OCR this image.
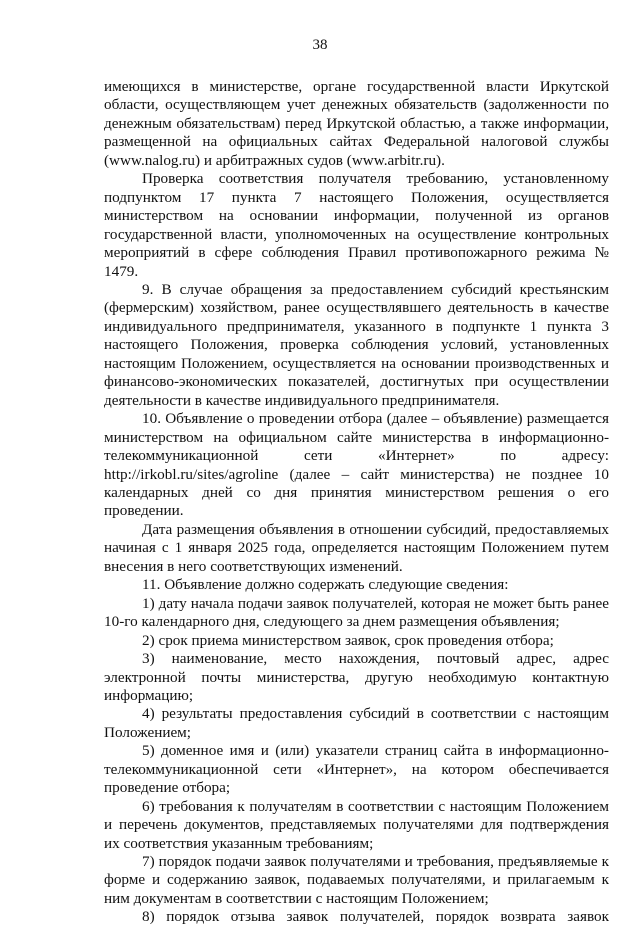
38

имеющихся в министерстве, органе государственной власти Иркутской области, осуществляющем учет денежных обязательств (задолженности по денежным обязательствам) перед Иркутской областью, а также информации, размещенной на официальных сайтах Федеральной налоговой службы (www.nalog.ru) и арбитражных судов (www.arbitr.ru).

Проверка соответствия получателя требованию, установленному подпунктом 17 пункта 7 настоящего Положения, осуществляется министерством на основании информации, полученной из органов государственной власти, уполномоченных на осуществление контрольных мероприятий в сфере соблюдения Правил противопожарного режима № 1479.

9. В случае обращения за предоставлением субсидий крестьянским (фермерским) хозяйством, ранее осуществлявшего деятельность в качестве индивидуального предпринимателя, указанного в подпункте 1 пункта 3 настоящего Положения, проверка соблюдения условий, установленных настоящим Положением, осуществляется на основании производственных и финансово-экономических показателей, достигнутых при осуществлении деятельности в качестве индивидуального предпринимателя.

10. Объявление о проведении отбора (далее – объявление) размещается министерством на официальном сайте министерства в информационно-телекоммуникационной сети «Интернет» по адресу: http://irkobl.ru/sites/agroline (далее – сайт министерства) не позднее 10 календарных дней со дня принятия министерством решения о его проведении.

Дата размещения объявления в отношении субсидий, предоставляемых начиная с 1 января 2025 года, определяется настоящим Положением путем внесения в него соответствующих изменений.

11. Объявление должно содержать следующие сведения:

1) дату начала подачи заявок получателей, которая не может быть ранее 10-го календарного дня, следующего за днем размещения объявления;

2) срок приема министерством заявок, срок проведения отбора;

3) наименование, место нахождения, почтовый адрес, адрес электронной почты министерства, другую необходимую контактную информацию;

4) результаты предоставления субсидий в соответствии с настоящим Положением;

5) доменное имя и (или) указатели страниц сайта в информационно-телекоммуникационной сети «Интернет», на котором обеспечивается проведение отбора;

6) требования к получателям в соответствии с настоящим Положением и перечень документов, представляемых получателями для подтверждения их соответствия указанным требованиям;

7) порядок подачи заявок получателями и требования, предъявляемые к форме и содержанию заявок, подаваемых получателями, и прилагаемым к ним документам в соответствии с настоящим Положением;

8) порядок отзыва заявок получателей, порядок возврата заявок
